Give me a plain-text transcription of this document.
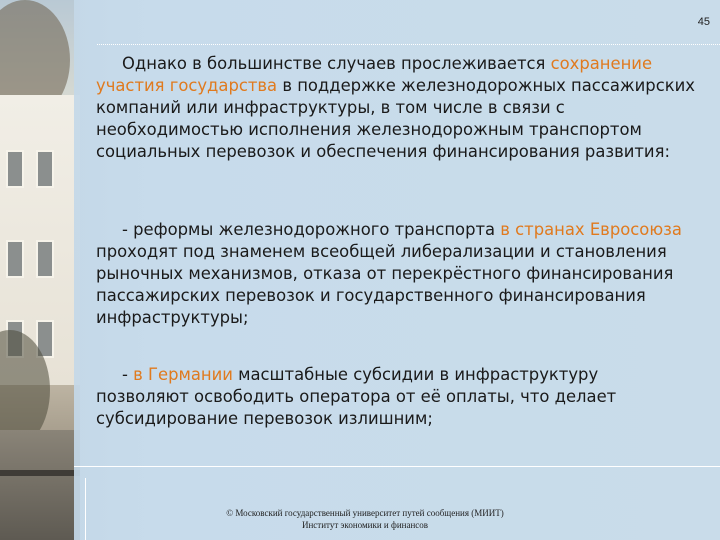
45

Однако в большинстве случаев прослеживается сохранение участия государства в поддержке железнодорожных пассажирских компаний или инфраструктуры, в том числе в связи с необходимостью исполнения железнодорожным транспортом социальных перевозок и обеспечения финансирования развития:

- реформы железнодорожного транспорта в странах Евросоюза проходят под знаменем всеобщей либерализации и становления рыночных механизмов, отказа от перекрёстного финансирования пассажирских перевозок и государственного финансирования инфраструктуры;

- в Германии масштабные субсидии в инфраструктуру позволяют освободить оператора от её оплаты, что делает субсидирование перевозок излишним;

© Московский государственный университет путей сообщения (МИИТ)
Институт экономики и финансов
